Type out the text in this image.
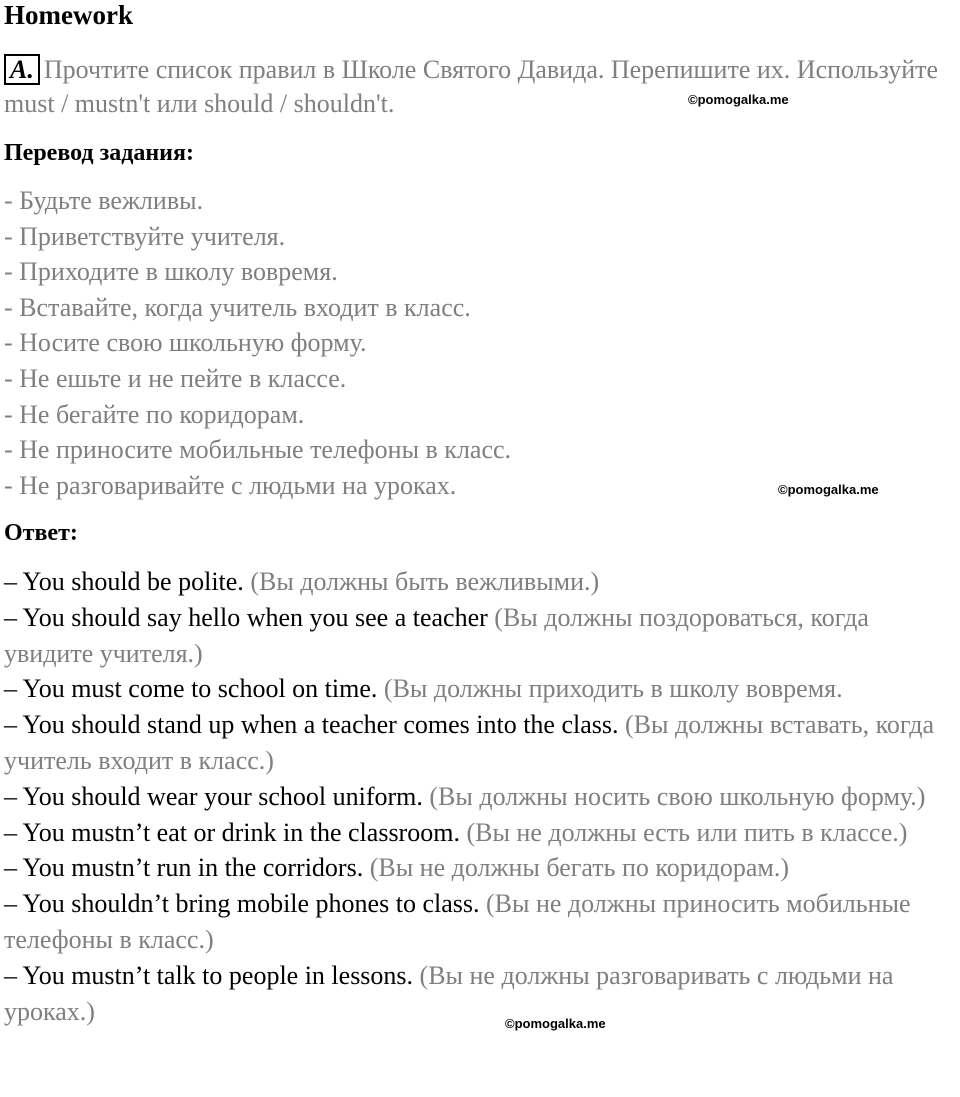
Homework
A. Прочтите список правил в Школе Святого Давида. Перепишите их. Используйте must / mustn't или should / shouldn't.	©pomogalka.me
Перевод задания:
- Будьте вежливы.
- Приветствуйте учителя.
- Приходите в школу вовремя.
- Вставайте, когда учитель входит в класс.
- Носите свою школьную форму.
- Не ешьте и не пейте в классе.
- Не бегайте по коридорам.
- Не приносите мобильные телефоны в класс.
- Не разговаривайте с людьми на уроках.	©pomogalka.me
Ответ:
– You should be polite. (Вы должны быть вежливыми.)
– You should say hello when you see a teacher (Вы должны поздороваться, когда увидите учителя.)
– You must come to school on time. (Вы должны приходить в школу вовремя.
– You should stand up when a teacher comes into the class. (Вы должны вставать, когда учитель входит в класс.)
– You should wear your school uniform. (Вы должны носить свою школьную форму.)
– You mustn’t eat or drink in the classroom. (Вы не должны есть или пить в классе.)
– You mustn’t run in the corridors. (Вы не должны бегать по коридорам.)
– You shouldn’t bring mobile phones to class. (Вы не должны приносить мобильные телефоны в класс.)
– You mustn’t talk to people in lessons. (Вы не должны разговаривать с людьми на уроках.)	©pomogalka.me
